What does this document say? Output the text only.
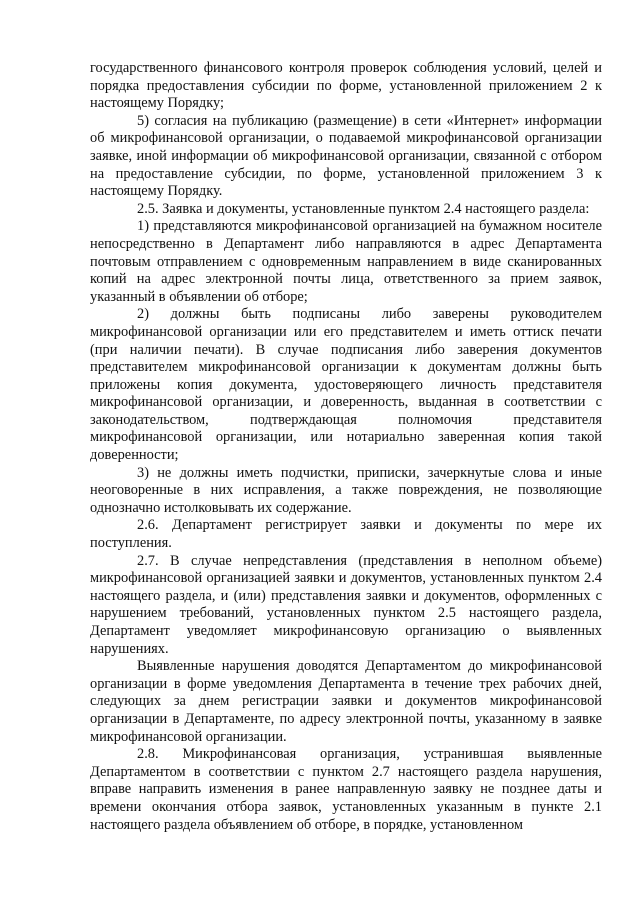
государственного финансового контроля проверок соблюдения условий, целей и порядка предоставления субсидии по форме, установленной приложением 2 к настоящему Порядку;

5) согласия на публикацию (размещение) в сети «Интернет» информации об микрофинансовой организации, о подаваемой микрофинансовой организации заявке, иной информации об микрофинансовой организации, связанной с отбором на предоставление субсидии, по форме, установленной приложением 3 к настоящему Порядку.

2.5. Заявка и документы, установленные пунктом 2.4 настоящего раздела:

1) представляются микрофинансовой организацией на бумажном носителе непосредственно в Департамент либо направляются в адрес Департамента почтовым отправлением с одновременным направлением в виде сканированных копий на адрес электронной почты лица, ответственного за прием заявок, указанный в объявлении об отборе;

2) должны быть подписаны либо заверены руководителем микрофинансовой организации или его представителем и иметь оттиск печати (при наличии печати). В случае подписания либо заверения документов представителем микрофинансовой организации к документам должны быть приложены копия документа, удостоверяющего личность представителя микрофинансовой организации, и доверенность, выданная в соответствии с законодательством, подтверждающая полномочия представителя микрофинансовой организации, или нотариально заверенная копия такой доверенности;

3) не должны иметь подчистки, приписки, зачеркнутые слова и иные неоговоренные в них исправления, а также повреждения, не позволяющие однозначно истолковывать их содержание.

2.6. Департамент регистрирует заявки и документы по мере их поступления.

2.7. В случае непредставления (представления в неполном объеме) микрофинансовой организацией заявки и документов, установленных пунктом 2.4 настоящего раздела, и (или) представления заявки и документов, оформленных с нарушением требований, установленных пунктом 2.5 настоящего раздела, Департамент уведомляет микрофинансовую организацию о выявленных нарушениях.

Выявленные нарушения доводятся Департаментом до микрофинансовой организации в форме уведомления Департамента в течение трех рабочих дней, следующих за днем регистрации заявки и документов микрофинансовой организации в Департаменте, по адресу электронной почты, указанному в заявке микрофинансовой организации.

2.8. Микрофинансовая организация, устранившая выявленные Департаментом в соответствии с пунктом 2.7 настоящего раздела нарушения, вправе направить изменения в ранее направленную заявку не позднее даты и времени окончания отбора заявок, установленных указанным в пункте 2.1 настоящего раздела объявлением об отборе, в порядке, установленном
